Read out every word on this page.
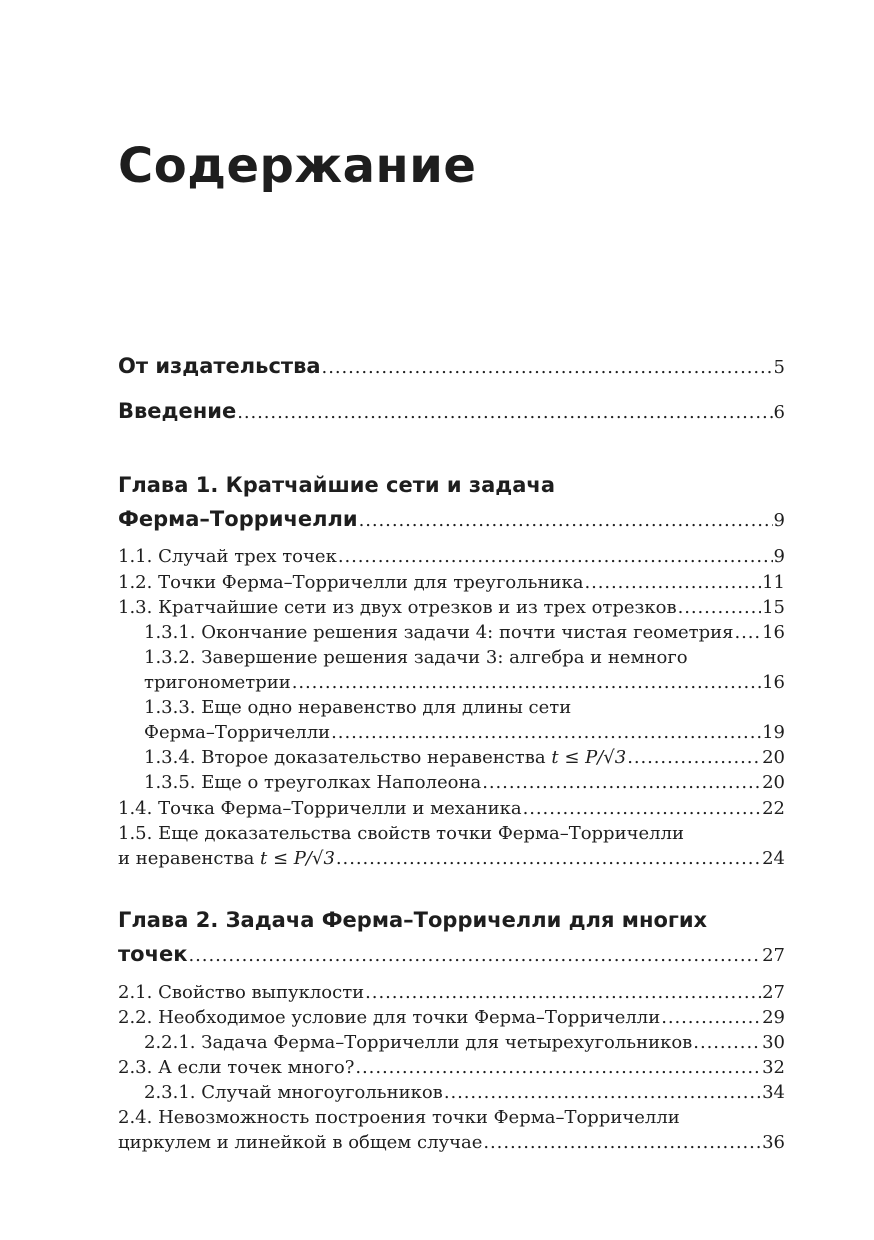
Содержание
От издательства . . .	5
Введение . . .	6
Глава 1. Кратчайшие сети и задача
Ферма–Торричелли . . .	9
1.1. Случай трех точек . . .	9
1.2. Точки Ферма–Торричелли для треугольника . . .	11
1.3. Кратчайшие сети из двух отрезков и из трех отрезков . . .	15
1.3.1. Окончание решения задачи 4: почти чистая геометрия . . . 16
1.3.2. Завершение решения задачи 3: алгебра и немного
тригонометрии . . .	16
1.3.3. Еще одно неравенство для длины сети
Ферма–Торричелли . . .	19
1.3.4. Второе доказательство неравенства t ≤ P/√3 . . .	20
1.3.5. Еще о треуголках Наполеона . . .	20
1.4. Точка Ферма–Торричелли и механика . . .	22
1.5. Еще доказательства свойств точки Ферма–Торричелли
и неравенства t ≤ P/√3 . . .	24
Глава 2. Задача Ферма–Торричелли для многих
точек . . .	27
2.1. Свойство выпуклости . . .	27
2.2. Необходимое условие для точки Ферма–Торричелли . . .	29
2.2.1. Задача Ферма–Торричелли для четырехугольников . . .	30
2.3. А если точек много? . . .	32
2.3.1. Случай многоугольников . . .	34
2.4. Невозможность построения точки Ферма–Торричелли
циркулем и линейкой в общем случае . . .	36
